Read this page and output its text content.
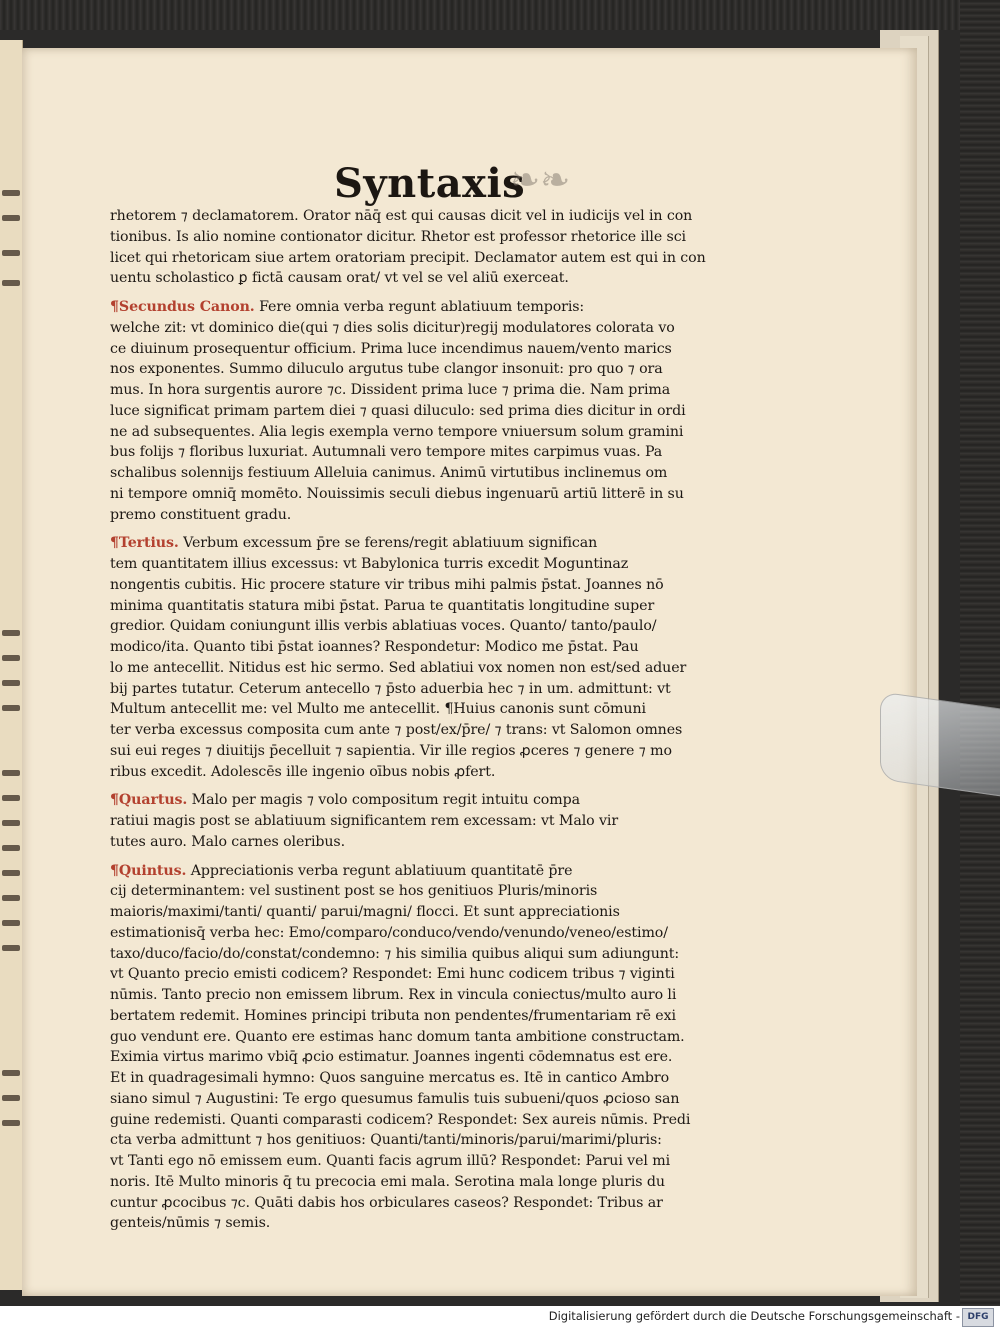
Syntaxis
❧❧
rhetorem ⁊ declamatorem. Orator nāq̄ est qui causas dicit vel in iudicijs vel in con
tionibus. Is alio nomine contionator dicitur. Rhetor est professor rhetorice ille sci
licet qui rhetoricam siue artem oratoriam precipit. Declamator autem est qui in con
uentu scholastico ꝑ fictā causam orat/ vt vel se vel aliū exerceat.
¶Secundus Canon. Fere omnia verba regunt ablatiuum temporis:
welche zit: vt dominico die(qui ⁊ dies solis dicitur)regij modulatores colorata vo
ce diuinum prosequentur officium. Prima luce incendimus nauem/vento marics
nos exponentes. Summo diluculo argutus tube clangor insonuit: pro quo ⁊ ora
mus. In hora surgentis aurore ⁊c. Dissident prima luce ⁊ prima die. Nam prima
luce significat primam partem diei ⁊ quasi diluculo: sed prima dies dicitur in ordi
ne ad subsequentes. Alia legis exempla verno tempore vniuersum solum gramini
bus folijs ⁊ floribus luxuriat. Autumnali vero tempore mites carpimus vuas. Pa
schalibus solennijs festiuum Alleluia canimus. Animū virtutibus inclinemus om
ni tempore omniq̄ momēto. Nouissimis seculi diebus ingenuarū artiū litterē in su
premo constituent gradu.
¶Tertius. Verbum excessum p̄re se ferens/regit ablatiuum significan
tem quantitatem illius excessus: vt Babylonica turris excedit Moguntinaz
nongentis cubitis. Hic procere stature vir tribus mihi palmis p̄stat. Joannes nō
minima quantitatis statura mibi p̄stat. Parua te quantitatis longitudine super
gredior. Quidam coniungunt illis verbis ablatiuas voces. Quanto/ tanto/paulo/
modico/ita. Quanto tibi p̄stat ioannes? Respondetur: Modico me p̄stat. Pau
lo me antecellit. Nitidus est hic sermo. Sed ablatiui vox nomen non est/sed aduer
bij partes tutatur. Ceterum antecello ⁊ p̄sto aduerbia hec ⁊ in um. admittunt: vt
Multum antecellit me: vel Multo me antecellit. ¶Huius canonis sunt cōmuni
ter verba excessus composita cum ante ⁊ post/ex/p̄re/ ⁊ trans: vt Salomon omnes
sui eui reges ⁊ diuitijs p̄ecelluit ⁊ sapientia. Vir ille regios ꝓceres ⁊ genere ⁊ mo
ribus excedit. Adolescēs ille ingenio oībus nobis ꝓfert.
¶Quartus. Malo per magis ⁊ volo compositum regit intuitu compa
ratiui magis post se ablatiuum significantem rem excessam: vt Malo vir
tutes auro. Malo carnes oleribus.
¶Quintus. Appreciationis verba regunt ablatiuum quantitatē p̄re
cij determinantem: vel sustinent post se hos genitiuos Pluris/minoris
maioris/maximi/tanti/ quanti/ parui/magni/ flocci. Et sunt appreciationis
estimationisq̄ verba hec: Emo/comparo/conduco/vendo/venundo/veneo/estimo/
taxo/duco/facio/do/constat/condemno: ⁊ his similia quibus aliqui sum adiungunt:
vt Quanto precio emisti codicem? Respondet: Emi hunc codicem tribus ⁊ viginti
nūmis. Tanto precio non emissem librum. Rex in vincula coniectus/multo auro li
bertatem redemit. Homines principi tributa non pendentes/frumentariam rē exi
guo vendunt ere. Quanto ere estimas hanc domum tanta ambitione constructam.
Eximia virtus marimo vbiq̄ ꝓcio estimatur. Joannes ingenti cōdemnatus est ere.
Et in quadragesimali hymno: Quos sanguine mercatus es. Itē in cantico Ambro
siano simul ⁊ Augustini: Te ergo quesumus famulis tuis subueni/quos ꝓcioso san
guine redemisti. Quanti comparasti codicem? Respondet: Sex aureis nūmis. Predi
cta verba admittunt ⁊ hos genitiuos: Quanti/tanti/minoris/parui/marimi/pluris:
vt Tanti ego nō emissem eum. Quanti facis agrum illū? Respondet: Parui vel mi
noris. Itē Multo minoris q̄ tu precocia emi mala. Serotina mala longe pluris du
cuntur ꝓcocibus ⁊c. Quāti dabis hos orbiculares caseos? Respondet: Tribus ar
genteis/nūmis ⁊ semis.
Digitalisierung gefördert durch die Deutsche Forschungsgemeinschaft - DFG
